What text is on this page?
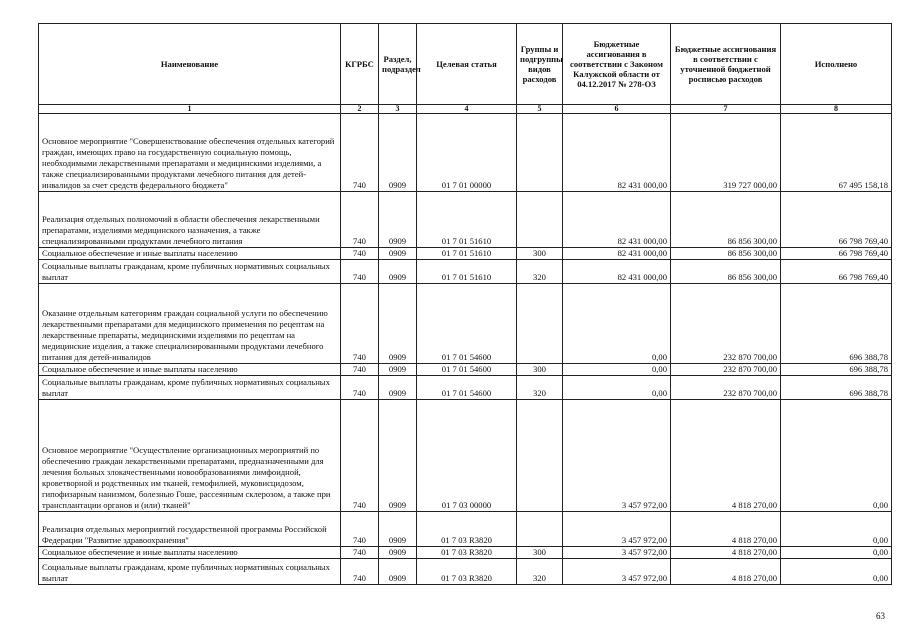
Наименование	КГРБС	Раздел, подраздел	Целевая статья	Группы и подгруппы видов расходов	Бюджетные ассигнования в соответствии с Законом Калужской области от 04.12.2017 № 278-ОЗ	Бюджетные ассигнования в соответствии с уточненной бюджетной росписью расходов	Исполнено
1	2	3	4	5	6	7	8
Основное мероприятие "Совершенствование обеспечения отдельных категорий граждан, имеющих право на государственную социальную помощь, необходимыми лекарственными препаратами и медицинскими изделиями, а также специализированными продуктами лечебного питания для детей-инвалидов за счет средств федерального бюджета"	740	0909	01 7 01 00000		82 431 000,00	319 727 000,00	67 495 158,18
Реализация отдельных полномочий в области обеспечения лекарственными препаратами, изделиями медицинского назначения, а также специализированными продуктами лечебного питания	740	0909	01 7 01 51610		82 431 000,00	86 856 300,00	66 798 769,40
Социальное обеспечение и иные выплаты населению	740	0909	01 7 01 51610	300	82 431 000,00	86 856 300,00	66 798 769,40
Социальные выплаты гражданам, кроме публичных нормативных социальных выплат	740	0909	01 7 01 51610	320	82 431 000,00	86 856 300,00	66 798 769,40
Оказание отдельным категориям граждан социальной услуги по обеспечению лекарственными препаратами для медицинского применения по рецептам на лекарственные препараты, медицинскими изделиями по рецептам на медицинские изделия, а также специализированными продуктами лечебного питания для детей-инвалидов	740	0909	01 7 01 54600		0,00	232 870 700,00	696 388,78
Социальное обеспечение и иные выплаты населению	740	0909	01 7 01 54600	300	0,00	232 870 700,00	696 388,78
Социальные выплаты гражданам, кроме публичных нормативных социальных выплат	740	0909	01 7 01 54600	320	0,00	232 870 700,00	696 388,78
Основное мероприятие "Осуществление организационных мероприятий по обеспечению граждан лекарственными препаратами, предназначенными для лечения больных злокачественными новообразованиями лимфоидной, кроветворной и родственных им тканей, гемофилией, муковисцидозом, гипофизарным нанизмом, болезнью Гоше, рассеянным склерозом, а также при трансплантации органов и (или) тканей"	740	0909	01 7 03 00000		3 457 972,00	4 818 270,00	0,00
Реализация отдельных мероприятий государственной программы Российской Федерации "Развитие здравоохранения"	740	0909	01 7 03 R3820		3 457 972,00	4 818 270,00	0,00
Социальное обеспечение и иные выплаты населению	740	0909	01 7 03 R3820	300	3 457 972,00	4 818 270,00	0,00
Социальные выплаты гражданам, кроме публичных нормативных социальных выплат	740	0909	01 7 03 R3820	320	3 457 972,00	4 818 270,00	0,00
63
